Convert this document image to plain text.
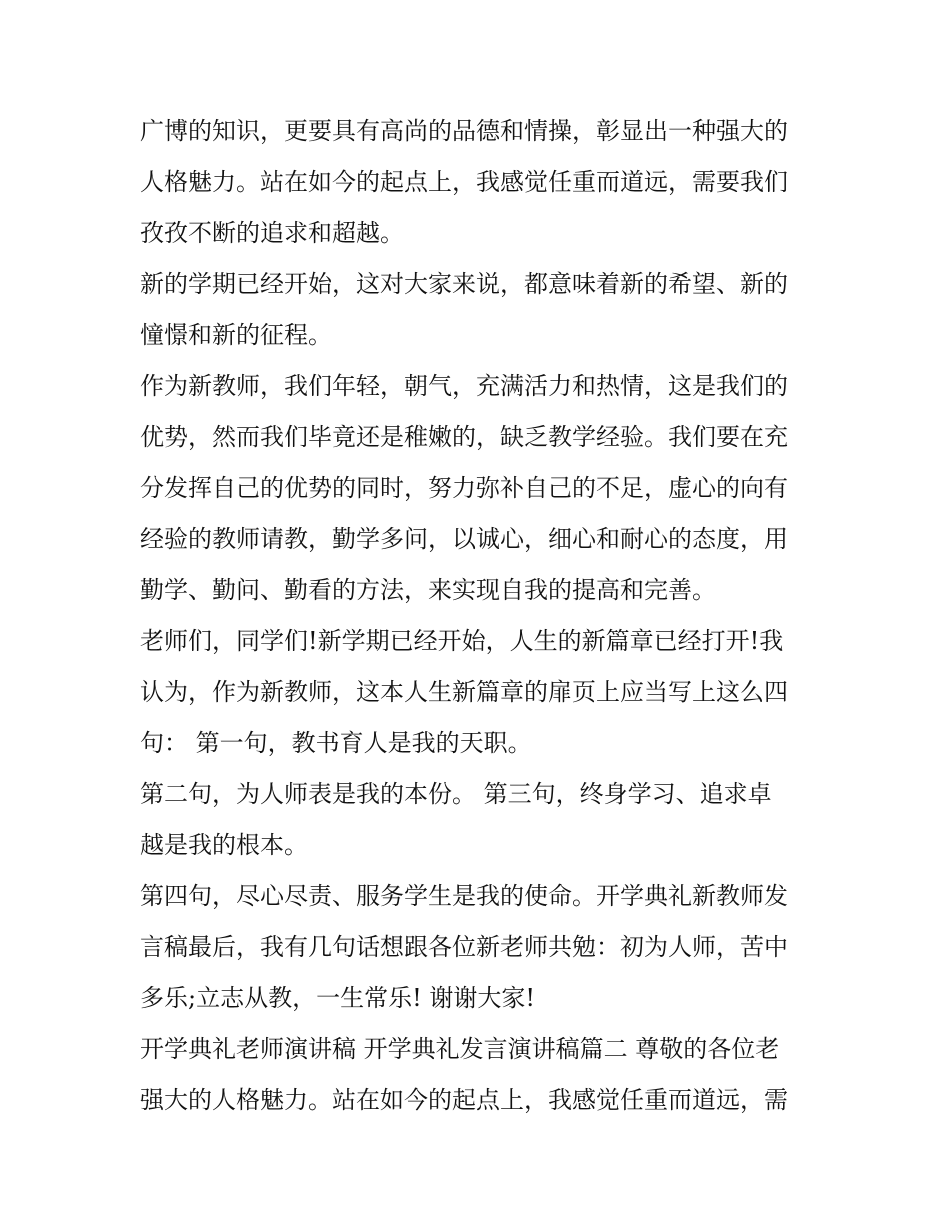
广博的知识，更要具有高尚的品德和情操，彰显出一种强大的
人格魅力。站在如今的起点上，我感觉任重而道远，需要我们
孜孜不断的追求和超越。

新的学期已经开始，这对大家来说，都意味着新的希望、新的
憧憬和新的征程。

作为新教师，我们年轻，朝气，充满活力和热情，这是我们的
优势，然而我们毕竟还是稚嫩的，缺乏教学经验。我们要在充
分发挥自己的优势的同时，努力弥补自己的不足，虚心的向有
经验的教师请教，勤学多问，以诚心，细心和耐心的态度，用
勤学、勤问、勤看的方法，来实现自我的提高和完善。

老师们，同学们!新学期已经开始，人生的新篇章已经打开!我
认为，作为新教师，这本人生新篇章的扉页上应当写上这么四
句： 第一句，教书育人是我的天职。

第二句，为人师表是我的本份。 第三句，终身学习、追求卓
越是我的根本。

第四句，尽心尽责、服务学生是我的使命。开学典礼新教师发
言稿最后，我有几句话想跟各位新老师共勉：初为人师，苦中
多乐;立志从教，一生常乐! 谢谢大家!

开学典礼老师演讲稿 开学典礼发言演讲稿篇二 尊敬的各位老
强大的人格魅力。站在如今的起点上，我感觉任重而道远，需
